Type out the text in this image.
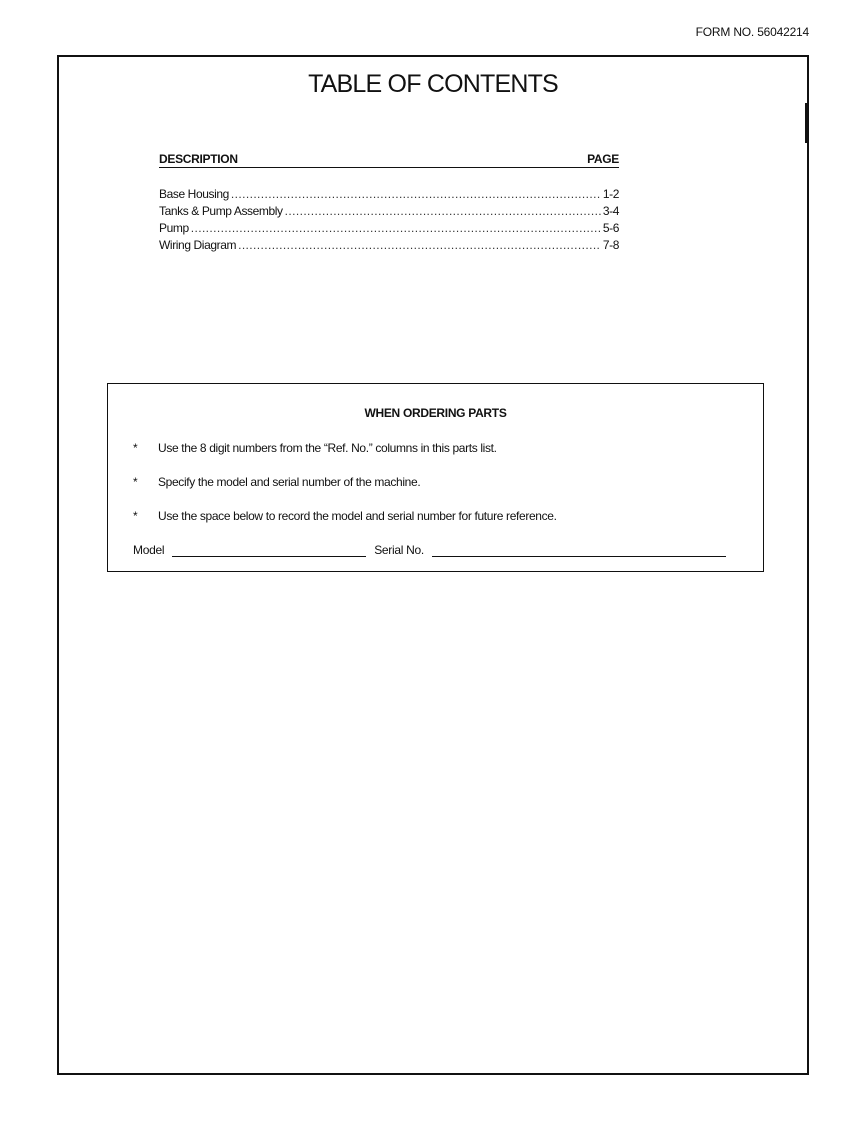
FORM NO. 56042214
TABLE OF CONTENTS
DESCRIPTION	PAGE
Base Housing .....	1-2
Tanks & Pump Assembly .....	3-4
Pump .....	5-6
Wiring Diagram .....	7-8
WHEN ORDERING PARTS
* Use the 8 digit numbers from the “Ref. No.” columns in this parts list.
* Specify the model and serial number of the machine.
* Use the space below to record the model and serial number for future reference.
Model	Serial No.
